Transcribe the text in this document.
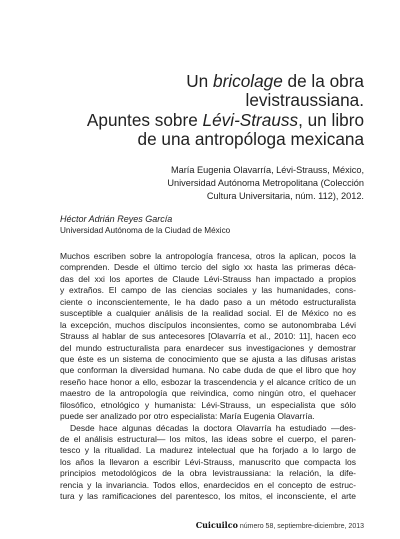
Un bricolage de la obra
levistraussiana.
Apuntes sobre Lévi-Strauss, un libro
de una antropóloga mexicana
María Eugenia Olavarría, Lévi-Strauss, México,
Universidad Autónoma Metropolitana (Colección
Cultura Universitaria, núm. 112), 2012.
Héctor Adrián Reyes García
Universidad Autónoma de la Ciudad de México
Muchos escriben sobre la antropología francesa, otros la aplican, pocos la
comprenden. Desde el último tercio del siglo xx hasta las primeras déca-
das del xxi los aportes de Claude Lévi-Strauss han impactado a propios
y extraños. El campo de las ciencias sociales y las humanidades, cons-
ciente o inconscientemente, le ha dado paso a un método estructuralista
susceptible a cualquier análisis de la realidad social. El de México no es
la excepción, muchos discípulos inconsientes, como se autonombraba Lévi
Strauss al hablar de sus antecesores [Olavarría et al., 2010: 11], hacen eco
del mundo estructuralista para enardecer sus investigaciones y demostrar
que éste es un sistema de conocimiento que se ajusta a las difusas aristas
que conforman la diversidad humana. No cabe duda de que el libro que hoy
reseño hace honor a ello, esbozar la trascendencia y el alcance crítico de un
maestro de la antropología que reivindica, como ningún otro, el quehacer
filosófico, etnológico y humanista: Lévi-Strauss, un especialista que sólo
puede ser analizado por otro especialista: María Eugenia Olavarría.
Desde hace algunas décadas la doctora Olavarría ha estudiado —des-
de el análisis estructural— los mitos, las ideas sobre el cuerpo, el paren-
tesco y la ritualidad. La madurez intelectual que ha forjado a lo largo de
los años la llevaron a escribir Lévi-Strauss, manuscrito que compacta los
principios metodológicos de la obra levistraussiana: la relación, la dife-
rencia y la invariancia. Todos ellos, enardecidos en el concepto de estruc-
tura y las ramificaciones del parentesco, los mitos, el inconsciente, el arte
Cuicuilco número 58, septiembre-diciembre, 2013
